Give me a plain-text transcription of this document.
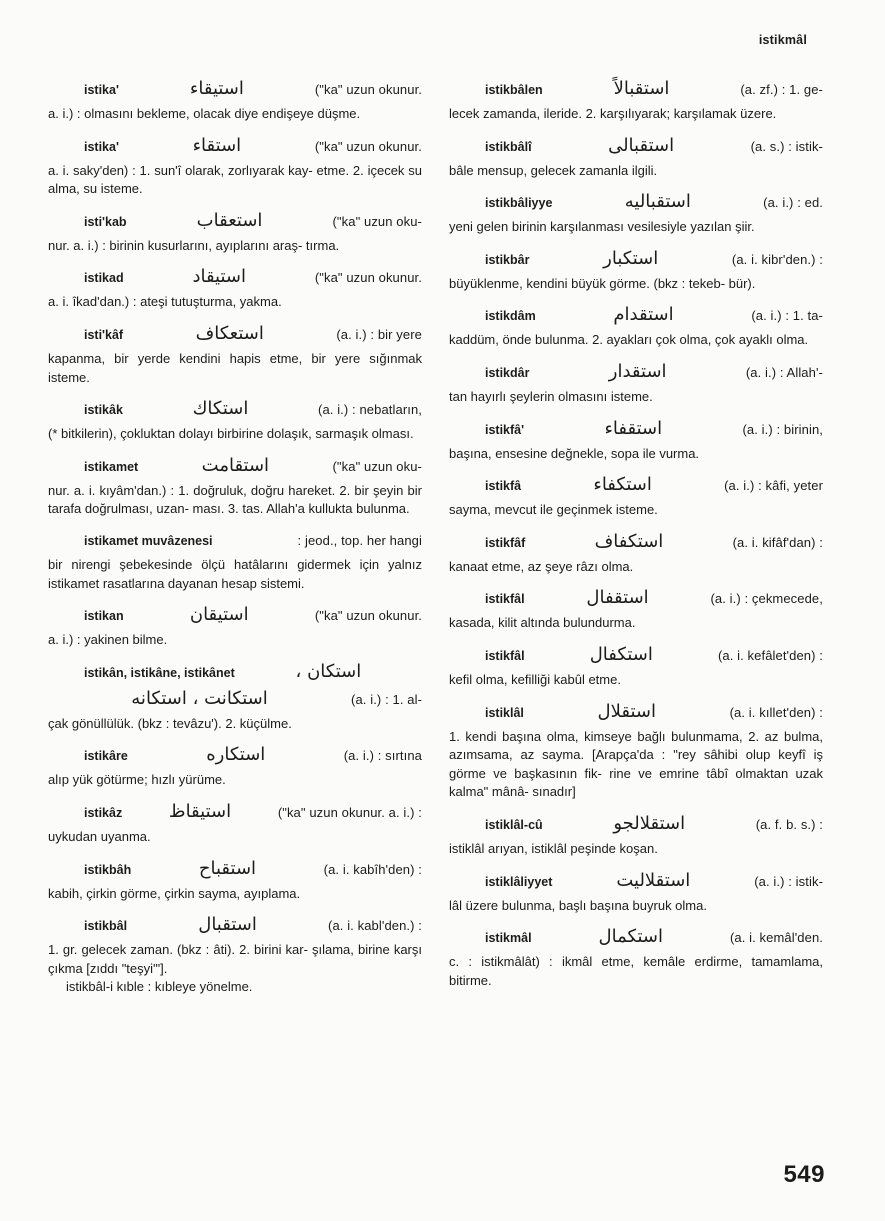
istikmâl
istika'	استيقاء	("ka" uzun okunur.
a. i.) : olmasını bekleme, olacak diye endişeye düşme.
istika'	استقاء	("ka" uzun okunur.
a. i. saky'den) : 1. sun'î olarak, zorlıyarak kay- etme. 2. içecek su alma, su isteme.
isti'kab	استعقاب	("ka" uzun oku-
nur. a. i.) : birinin kusurlarını, ayıplarını araş- tırma.
istikad	استيقاد	("ka" uzun okunur.
a. i. îkad'dan.) : ateşi tutuşturma, yakma.
isti'kâf	استعكاف	(a. i.) : bir yere
kapanma, bir yerde kendini hapis etme, bir yere sığınmak isteme.
istikâk	استكاك	(a. i.) : nebatların,
(* bitkilerin), çokluktan dolayı birbirine dolaşık, sarmaşık olması.
istikamet	استقامت	("ka" uzun oku-
nur. a. i. kıyâm'dan.) : 1. doğruluk, doğru hareket. 2. bir şeyin bir tarafa doğrulması, uzan- ması. 3. tas. Allah'a kullukta bulunma.
istikamet muvâzenesi	: jeod., top. her hangi
bir nirengi şebekesinde ölçü hatâlarını gidermek için yalnız istikamet rasatlarına dayanan hesap sistemi.
istikan	استيقان	("ka" uzun okunur.
a. i.) : yakinen bilme.
istikân, istikâne, istikânet	استكان ،
استكانت ، استكانه	(a. i.) : 1. al-
çak gönüllülük. (bkz : tevâzu'). 2. küçülme.
istikâre	استكاره	(a. i.) : sırtına
alıp yük götürme; hızlı yürüme.
istikâz	استيقاظ	("ka" uzun okunur. a. i.) :
uykudan uyanma.
istikbâh	استقباح	(a. i. kabîh'den) :
kabih, çirkin görme, çirkin sayma, ayıplama.
istikbâl	استقبال	(a. i. kabl'den.) :
1. gr. gelecek zaman. (bkz : âti). 2. birini kar- şılama, birine karşı çıkma [zıddı "teşyi'"].
istikbâl-i kıble : kıbleye yönelme.
istikbâlen	استقبالاً	(a. zf.) : 1. ge-
lecek zamanda, ileride. 2. karşılıyarak; karşılamak üzere.
istikbâlî	استقبالى	(a. s.) : istik-
bâle mensup, gelecek zamanla ilgili.
istikbâliyye	استقباليه	(a. i.) : ed.
yeni gelen birinin karşılanması vesilesiyle yazılan şiir.
istikbâr	استكبار	(a. i. kibr'den.) :
büyüklenme, kendini büyük görme. (bkz : tekeb- bür).
istikdâm	استقدام	(a. i.) : 1. ta-
kaddüm, önde bulunma. 2. ayakları çok olma, çok ayaklı olma.
istikdâr	استقدار	(a. i.) : Allah'-
tan hayırlı şeylerin olmasını isteme.
istikfâ'	استقفاء	(a. i.) : birinin,
başına, ensesine değnekle, sopa ile vurma.
istikfâ	استكفاء	(a. i.) : kâfi, yeter
sayma, mevcut ile geçinmek isteme.
istikfâf	استكفاف	(a. i. kifâf'dan) :
kanaat etme, az şeye râzı olma.
istikfâl	استقفال	(a. i.) : çekmecede,
kasada, kilit altında bulundurma.
istikfâl	استكفال	(a. i. kefâlet'den) :
kefil olma, kefilliği kabûl etme.
istiklâl	استقلال	(a. i. kıllet'den) :
1. kendi başına olma, kimseye bağlı bulunmama, 2. az bulma, azımsama, az sayma. [Arapça'da : "rey sâhibi olup keyfî iş görme ve başkasının fik- rine ve emrine tâbî olmaktan uzak kalma" mânâ- sınadır]
istiklâl-cû	استقلالجو	(a. f. b. s.) :
istiklâl arıyan, istiklâl peşinde koşan.
istiklâliyyet	استقلاليت	(a. i.) : istik-
lâl üzere bulunma, başlı başına buyruk olma.
istikmâl	استكمال	(a. i. kemâl'den.
c. : istikmâlât) : ikmâl etme, kemâle erdirme, tamamlama, bitirme.
549
